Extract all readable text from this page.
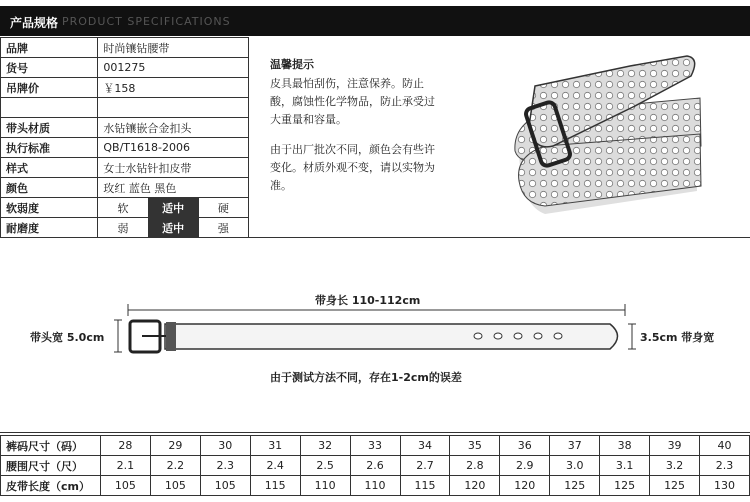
产品规格 PRODUCT SPECIFICATIONS
品牌	时尚镶钻腰带		
货号	001275		
吊牌价	￥158		

带头材质	水钻镶嵌合金扣头		
执行标准	QB/T1618-2006		
样式	女士水钻针扣皮带		
颜色	玫红 蓝色 黑色		
软弱度	软	适中	硬
耐磨度	弱	适中	强
温馨提示

皮具最怕刮伤，注意保养。防止酸，腐蚀性化学物品，防止承受过大重量和容量。

由于出厂批次不同，颜色会有些许变化。材质外观不变，请以实物为准。

带身长 110-112cm
带头宽 5.0cm	3.5cm 带身宽
由于测试方法不同，存在1-2cm的误差
裤码尺寸（码）	28	29	30	31	32	33	34	35	36	37	38	39	40
腰围尺寸（尺）	2.1	2.2	2.3	2.4	2.5	2.6	2.7	2.8	2.9	3.0	3.1	3.2	2.3
皮带长度（cm）	105	105	105	115	110	110	115	120	120	125	125	125	130
